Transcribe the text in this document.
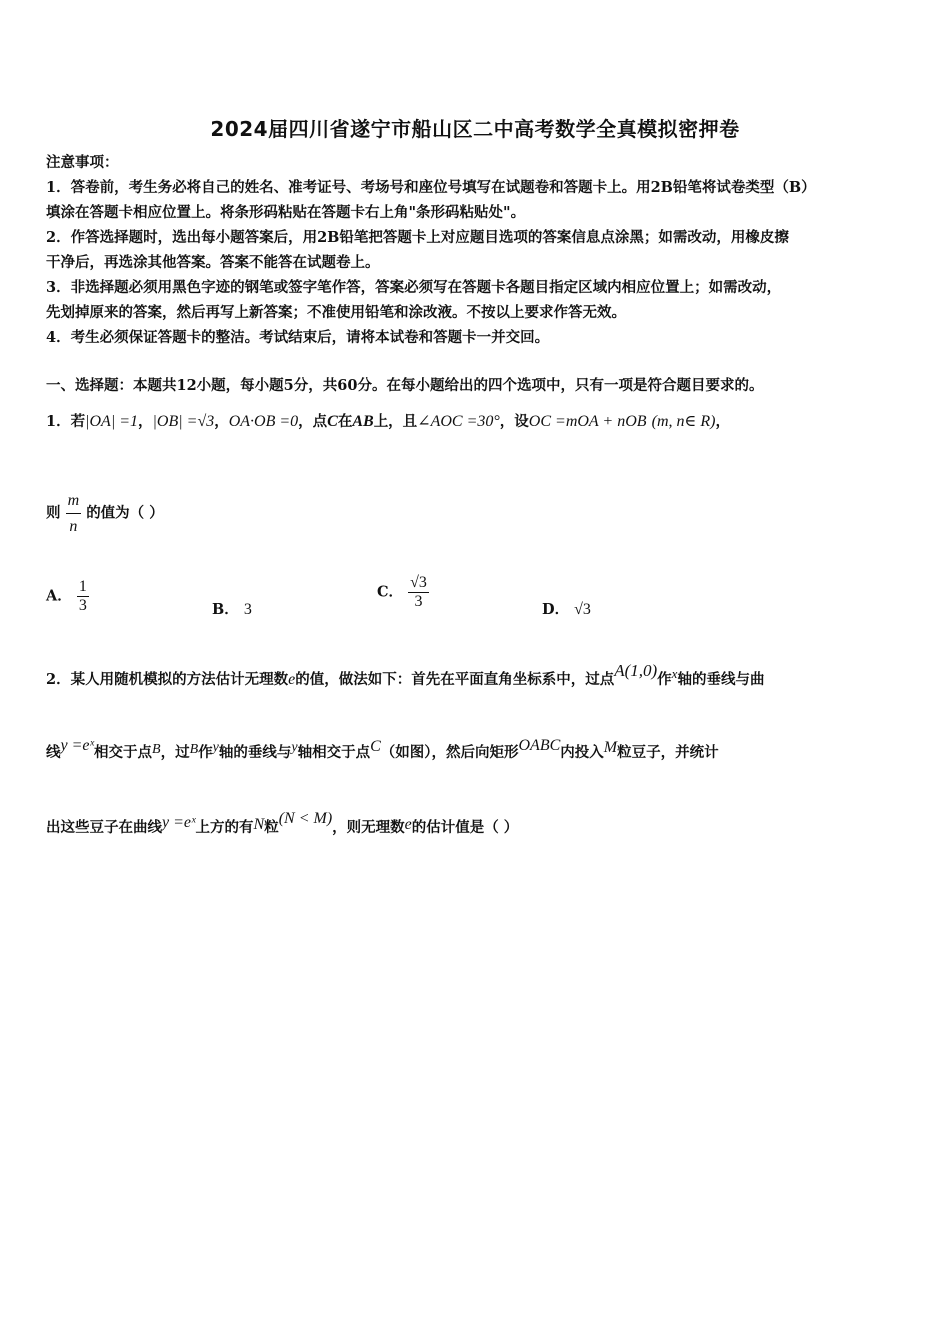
2024届四川省遂宁市船山区二中高考数学全真模拟密押卷
注意事项：
1．答卷前，考生务必将自己的姓名、准考证号、考场号和座位号填写在试题卷和答题卡上。用2B铅笔将试卷类型（B）
填涂在答题卡相应位置上。将条形码粘贴在答题卡右上角"条形码粘贴处"。
2．作答选择题时，选出每小题答案后，用2B铅笔把答题卡上对应题目选项的答案信息点涂黑；如需改动，用橡皮擦
干净后，再选涂其他答案。答案不能答在试题卷上。
3．非选择题必须用黑色字迹的钢笔或签字笔作答，答案必须写在答题卡各题目指定区域内相应位置上；如需改动，
先划掉原来的答案，然后再写上新答案；不准使用铅笔和涂改液。不按以上要求作答无效。
4．考生必须保证答题卡的整洁。考试结束后，请将本试卷和答题卡一并交回。
一、选择题：本题共12小题，每小题5分，共60分。在每小题给出的四个选项中，只有一项是符合题目要求的。
1．若|OA| =1，|OB| =√3，OA·OB =0，点C在AB上，且∠AOC =30°，设OC =mOA + nOB (m, n∈ R)，
则 $\frac{m}{n}$ 的值为（ ）
A． $\frac{1}{3}$	B． 3
C． $\frac{√3}{3}$	D． √3
2．某人用随机模拟的方法估计无理数e的值，做法如下：首先在平面直角坐标系中，过点A(1,0)作x轴的垂线与曲
线y =eˣ相交于点B，过B作y轴的垂线与y轴相交于点C（如图），然后向矩形OABC内投入M粒豆子，并统计
出这些豆子在曲线y =eˣ上方的有N粒(N < M)，则无理数e的估计值是（ ）
